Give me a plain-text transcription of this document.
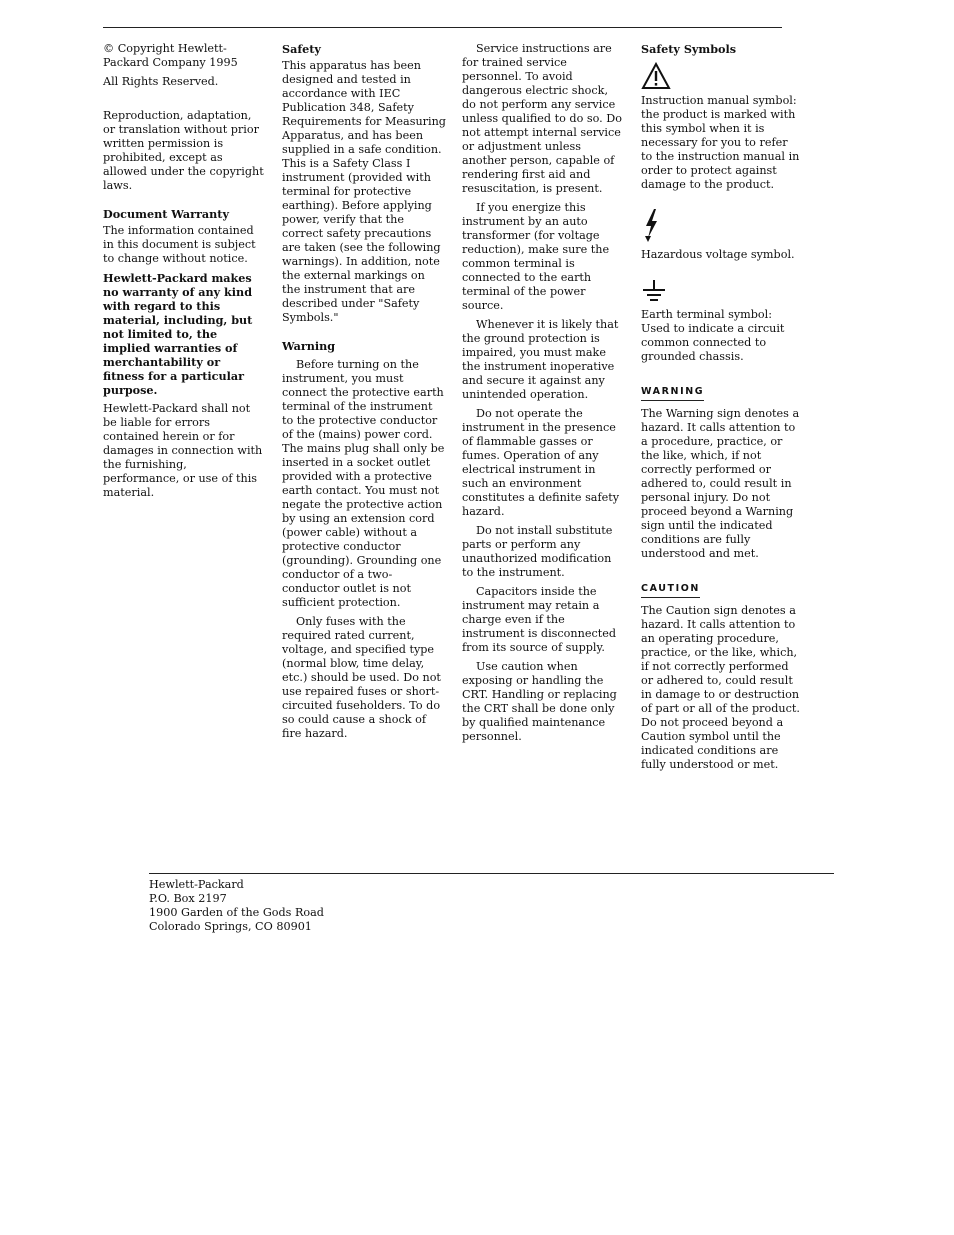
© Copyright Hewlett-Packard Company 1995

All Rights Reserved.

Reproduction, adaptation, or translation without prior written permission is prohibited, except as allowed under the copyright laws.

Document Warranty

The information contained in this document is subject to change without notice.

Hewlett-Packard makes no warranty of any kind with regard to this material, including, but not limited to, the implied warranties of merchantability or fitness for a particular purpose.

Hewlett-Packard shall not be liable for errors contained herein or for damages in connection with the furnishing, performance, or use of this material.

Safety

This apparatus has been designed and tested in accordance with IEC Publication 348, Safety Requirements for Measuring Apparatus, and has been supplied in a safe condition. This is a Safety Class I instrument (provided with terminal for protective earthing). Before applying power, verify that the correct safety precautions are taken (see the following warnings). In addition, note the external markings on the instrument that are described under "Safety Symbols."

Warning

Before turning on the instrument, you must connect the protective earth terminal of the instrument to the protective conductor of the (mains) power cord. The mains plug shall only be inserted in a socket outlet provided with a protective earth contact. You must not negate the protective action by using an extension cord (power cable) without a protective conductor (grounding). Grounding one conductor of a two-conductor outlet is not sufficient protection.

Only fuses with the required rated current, voltage, and specified type (normal blow, time delay, etc.) should be used. Do not use repaired fuses or short-circuited fuseholders. To do so could cause a shock of fire hazard.

Service instructions are for trained service personnel. To avoid dangerous electric shock, do not perform any service unless qualified to do so. Do not attempt internal service or adjustment unless another person, capable of rendering first aid and resuscitation, is present.

If you energize this instrument by an auto transformer (for voltage reduction), make sure the common terminal is connected to the earth terminal of the power source.

Whenever it is likely that the ground protection is impaired, you must make the instrument inoperative and secure it against any unintended operation.

Do not operate the instrument in the presence of flammable gasses or fumes. Operation of any electrical instrument in such an environment constitutes a definite safety hazard.

Do not install substitute parts or perform any unauthorized modification to the instrument.

Capacitors inside the instrument may retain a charge even if the instrument is disconnected from its source of supply.

Use caution when exposing or handling the CRT. Handling or replacing the CRT shall be done only by qualified maintenance personnel.

Safety Symbols

Instruction manual symbol: the product is marked with this symbol when it is necessary for you to refer to the instruction manual in order to protect against damage to the product.

Hazardous voltage symbol.

Earth terminal symbol: Used to indicate a circuit common connected to grounded chassis.

WARNING

The Warning sign denotes a hazard. It calls attention to a procedure, practice, or the like, which, if not correctly performed or adhered to, could result in personal injury. Do not proceed beyond a Warning sign until the indicated conditions are fully understood and met.

CAUTION

The Caution sign denotes a hazard. It calls attention to an operating procedure, practice, or the like, which, if not correctly performed or adhered to, could result in damage to or destruction of part or all of the product. Do not proceed beyond a Caution symbol until the indicated conditions are fully understood or met.

Hewlett-Packard
P.O. Box 2197
1900 Garden of the Gods Road
Colorado Springs, CO 80901
